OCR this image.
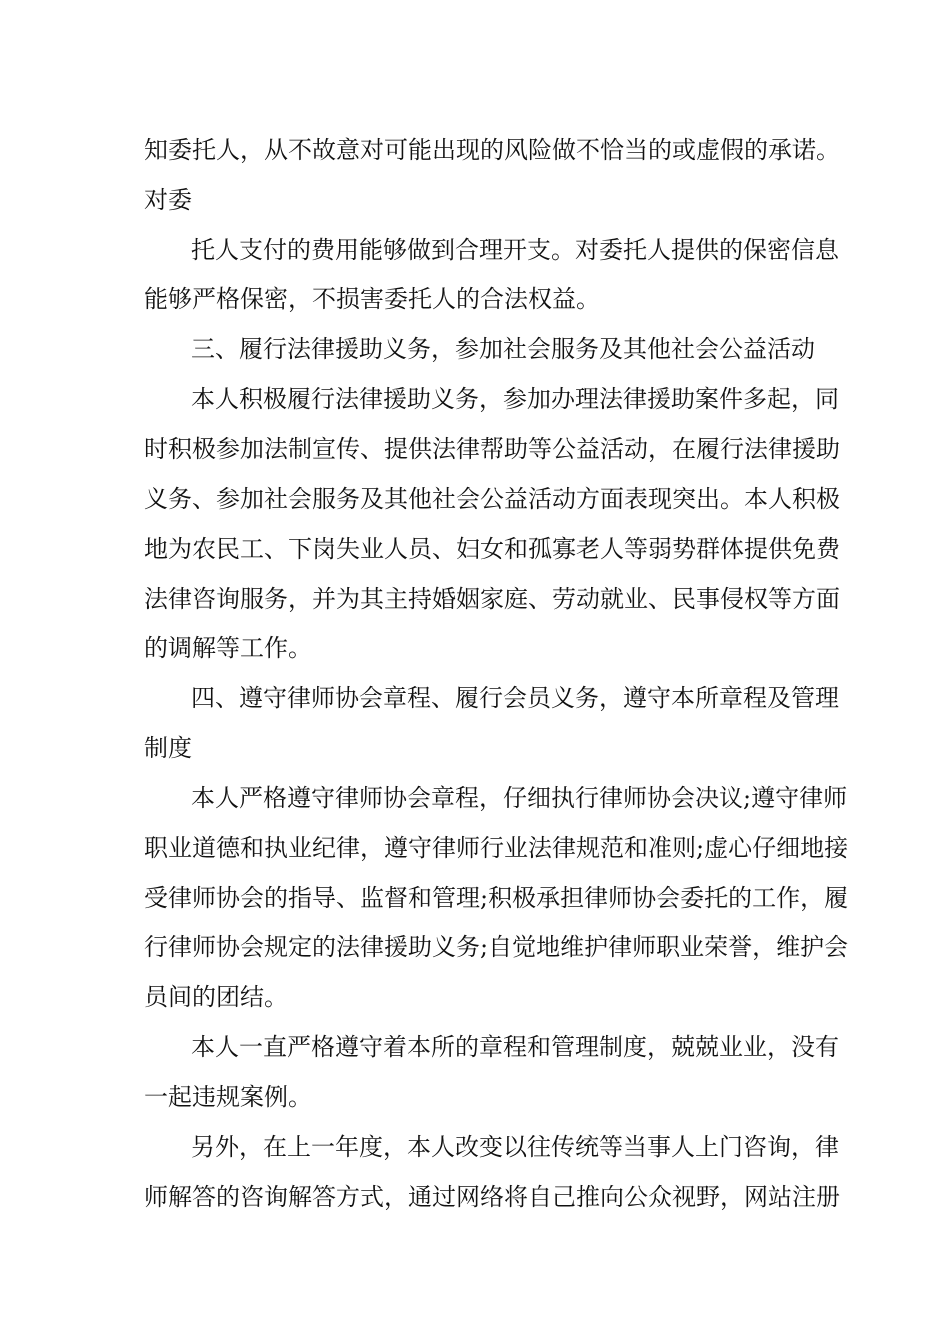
知委托人，从不故意对可能出现的风险做不恰当的或虚假的承诺。
对委
托人支付的费用能够做到合理开支。对委托人提供的保密信息
能够严格保密，不损害委托人的合法权益。
三、履行法律援助义务，参加社会服务及其他社会公益活动
本人积极履行法律援助义务，参加办理法律援助案件多起，同
时积极参加法制宣传、提供法律帮助等公益活动，在履行法律援助
义务、参加社会服务及其他社会公益活动方面表现突出。本人积极
地为农民工、下岗失业人员、妇女和孤寡老人等弱势群体提供免费
法律咨询服务，并为其主持婚姻家庭、劳动就业、民事侵权等方面
的调解等工作。
四、遵守律师协会章程、履行会员义务，遵守本所章程及管理
制度
本人严格遵守律师协会章程，仔细执行律师协会决议;遵守律师
职业道德和执业纪律，遵守律师行业法律规范和准则;虚心仔细地接
受律师协会的指导、监督和管理;积极承担律师协会委托的工作，履
行律师协会规定的法律援助义务;自觉地维护律师职业荣誉，维护会
员间的团结。
本人一直严格遵守着本所的章程和管理制度，兢兢业业，没有
一起违规案例。
另外，在上一年度，本人改变以往传统等当事人上门咨询，律
师解答的咨询解答方式，通过网络将自己推向公众视野，网站注册
